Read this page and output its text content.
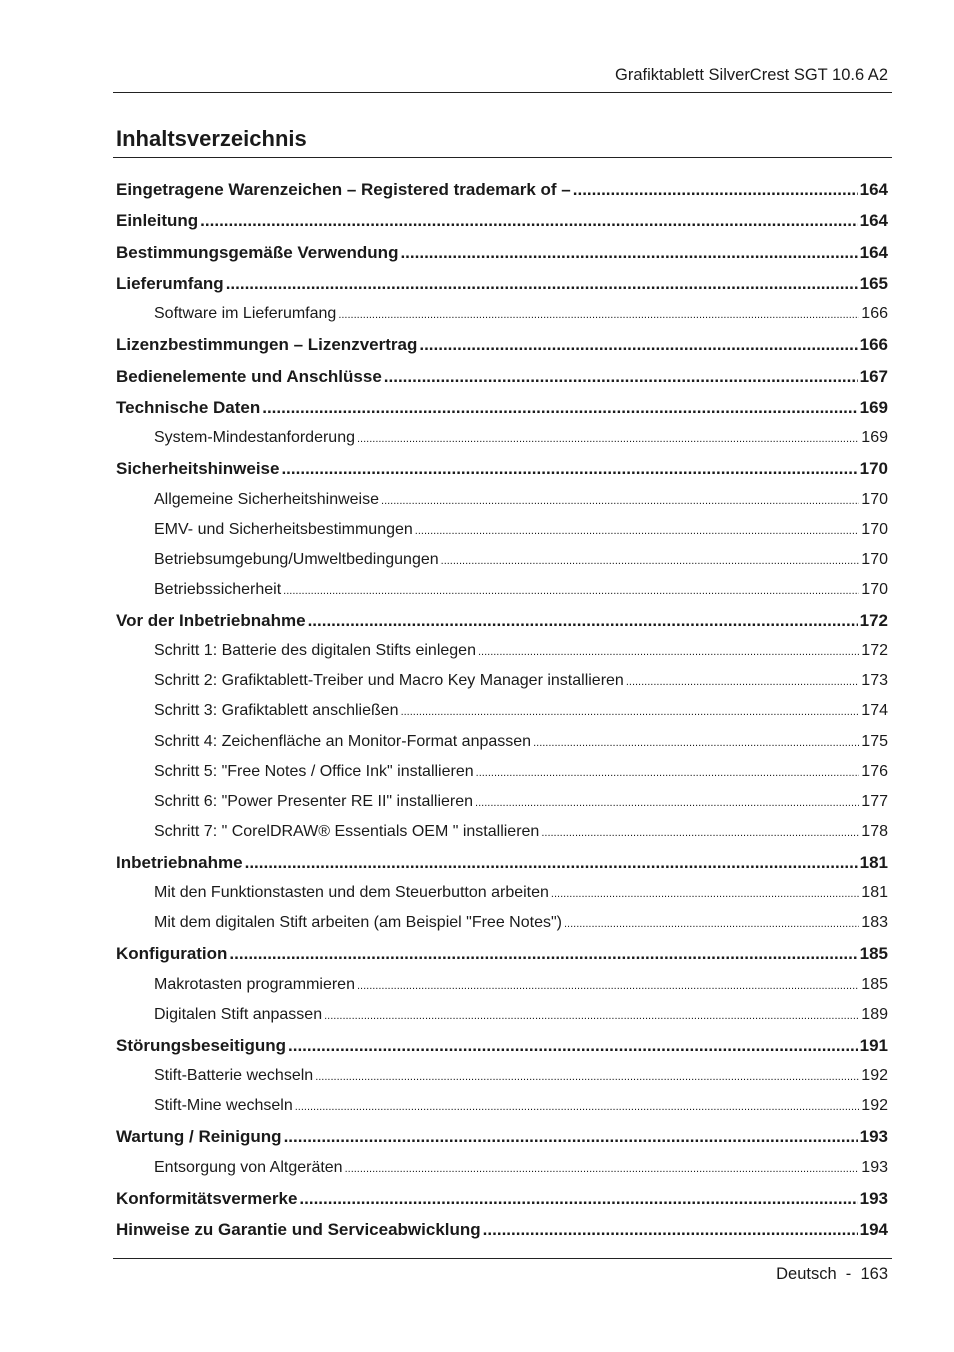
Grafiktablett SilverCrest SGT 10.6 A2
Inhaltsverzeichnis
Eingetragene Warenzeichen – Registered trademark of – .....	164
Einleitung .....	164
Bestimmungsgemäße Verwendung .....	164
Lieferumfang .....	165
Software im Lieferumfang .....	166
Lizenzbestimmungen – Lizenzvertrag .....	166
Bedienelemente und Anschlüsse .....	167
Technische Daten .....	169
System-Mindestanforderung .....	169
Sicherheitshinweise .....	170
Allgemeine Sicherheitshinweise .....	170
EMV- und Sicherheitsbestimmungen .....	170
Betriebsumgebung/Umweltbedingungen .....	170
Betriebssicherheit .....	170
Vor der Inbetriebnahme .....	172
Schritt 1: Batterie des digitalen Stifts einlegen .....	172
Schritt 2: Grafiktablett-Treiber und Macro Key Manager installieren .....	173
Schritt 3: Grafiktablett anschließen .....	174
Schritt 4: Zeichenfläche an Monitor-Format anpassen .....	175
Schritt 5: "Free Notes / Office Ink" installieren .....	176
Schritt 6: "Power Presenter RE II" installieren .....	177
Schritt 7: " CorelDRAW® Essentials OEM " installieren .....	178
Inbetriebnahme .....	181
Mit den Funktionstasten und dem Steuerbutton arbeiten .....	181
Mit dem digitalen Stift arbeiten (am Beispiel "Free Notes") .....	183
Konfiguration .....	185
Makrotasten programmieren .....	185
Digitalen Stift anpassen .....	189
Störungsbeseitigung .....	191
Stift-Batterie wechseln .....	192
Stift-Mine wechseln .....	192
Wartung / Reinigung .....	193
Entsorgung von Altgeräten .....	193
Konformitätsvermerke .....	193
Hinweise zu Garantie und Serviceabwicklung .....	194
Deutsch  -  163
